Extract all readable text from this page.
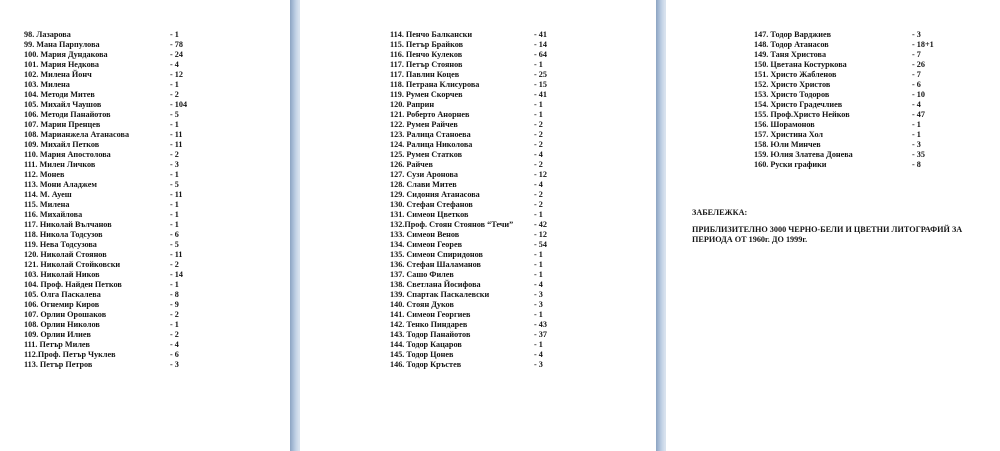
98. Лазарова	- 1
99. Мана Парпулова	- 78
100. Мария Дундакова	- 24
101. Мария Недкова	- 4
102. Милена Йонч	- 12
103. Милена	- 1
104. Методи Митев	- 2
105. Михайл Чаушов	- 104
106. Методи Панайотов	- 5
107. Марин Пренцев	- 1
108. Марианжела Атанасова	- 11
109. Михайл Петков	- 11
110. Мария Апостолова	- 2
111. Милен Личков	- 3
112. Монев	- 1
113. Мони Аладжем	- 5
114. М. Ауеш	- 11
115. Милена	- 1
116. Михайлова	- 1
117. Николай Вълчанов	- 1
118. Никола Тодсузов	- 6
119. Нева Тодсузова	- 5
120. Николай Стоянов	- 11
121. Николай Стойковски	- 2
103. Николай Ников	- 14
104. Проф. Найден Петков	- 1
105. Олга Паскалева	- 8
106. Огнемир Киров	- 9
107. Орлин Орошаков	- 2
108. Орлин Николов	- 1
109. Орлин Илиев	- 2
111. Петър Милев	- 4
112.Проф. Петър Чуклев	- 6
113. Петър Петров	- 3
114. Пенчо Балкански	- 41
115. Петър Брайков	- 14
116. Пенчо Кулеков	- 64
117. Петър Стоянов	- 1
117. Павлин Коцев	- 25
118. Петрана Клисурова	- 15
119. Румен Скорчев	- 41
120. Раприн	- 1
121. Роберто Анорнев	- 1
122. Румен Райчев	- 2
123. Ралица Станоева	- 2
124. Ралица Николова	- 2
125. Румен Статков	- 4
126. Райчев	- 2
127. Сузи Аронова	- 12
128. Слави Митев	- 4
129. Сидония Атанасова	- 2
130. Стефан Стефанов	- 2
131. Симеон Цветков	- 1
132.Проф. Стоян Стоянов “Течи”	- 42
133. Симеон Венов	- 12
134. Симеон Георев	- 54
135. Симеон Спиридонов	- 1
136. Стефан Шаламанов	- 1
137. Сашо Филев	- 1
138. Светлана Йосифова	- 4
139. Спартак Паскалевски	- 3
140. Стоян Дуков	- 3
141. Симеон Георгиев	- 1
142. Тенко Пиндарев	- 43
143. Тодор Панайотов	- 37
144. Тодор Кацаров	- 1
145. Тодор Цонев	- 4
146. Тодор Кръстев	- 3
147. Тодор Варджиев	- 3
148. Тодор Атанасов	- 18+1
149. Таня Христова	- 7
150. Цветана Костуркова	- 26
151. Христо Жабленов	- 7
152. Христо Христов	- 6
153. Христо Тодоров	- 10
154. Христо Градечлиев	- 4
155. Проф.Христо Нейков	- 47
156. Шорамонов	- 1
157. Христина Хол	- 1
158. Юли Минчев	- 3
159. Юлия Златева Донева	- 35
160. Руски графики	- 8
ЗАБЕЛЕЖКА:
ПРИБЛИЗИТЕЛНО 3000 ЧЕРНО-БЕЛИ И ЦВЕТНИ ЛИТОГРАФИЙ ЗА ПЕРИОДА ОТ 1960г. ДО 1999г.
